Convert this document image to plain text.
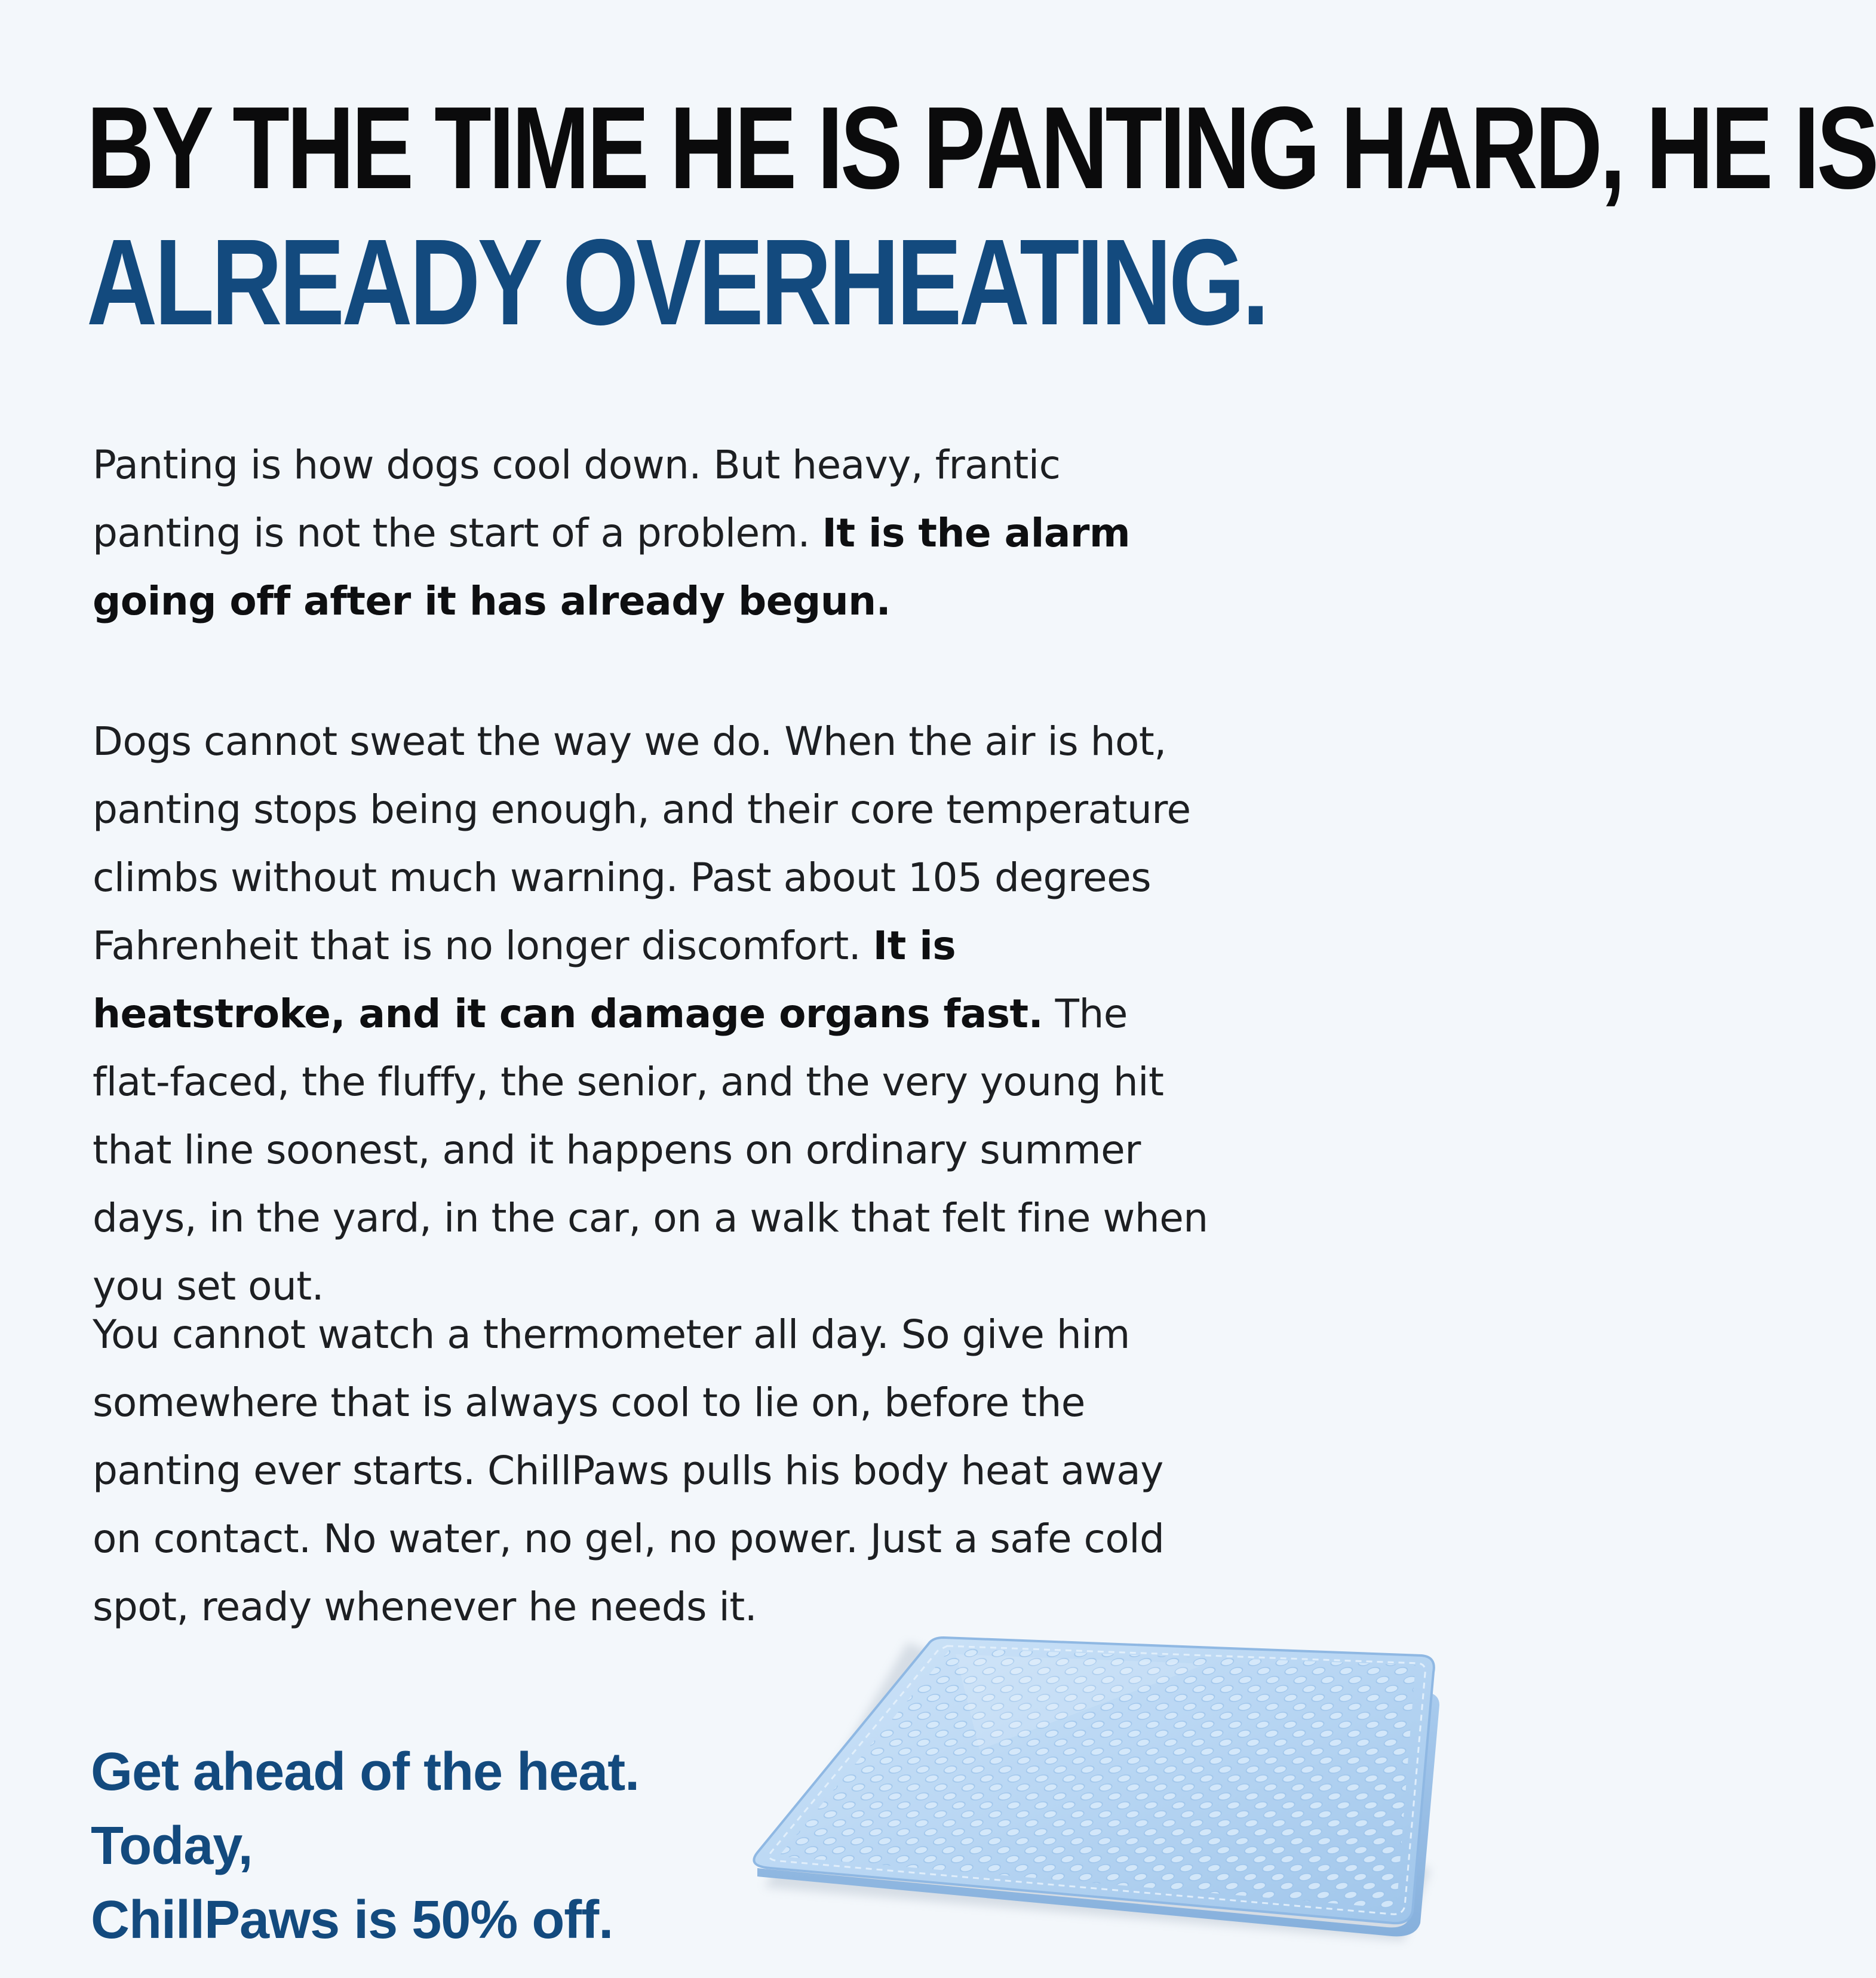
BY THE TIME HE IS PANTING HARD, HE IS
ALREADY OVERHEATING.

Panting is how dogs cool down. But heavy, frantic panting is not the start of a problem. It is the alarm going off after it has already begun.

Dogs cannot sweat the way we do. When the air is hot, panting stops being enough, and their core temperature climbs without much warning. Past about 105 degrees Fahrenheit that is no longer discomfort. It is heatstroke, and it can damage organs fast. The flat-faced, the fluffy, the senior, and the very young hit that line soonest, and it happens on ordinary summer days, in the yard, in the car, on a walk that felt fine when you set out.

You cannot watch a thermometer all day. So give him somewhere that is always cool to lie on, before the panting ever starts. ChillPaws pulls his body heat away on contact. No water, no gel, no power. Just a safe cold spot, ready whenever he needs it.

Get ahead of the heat. Today,
ChillPaws is 50% off.
